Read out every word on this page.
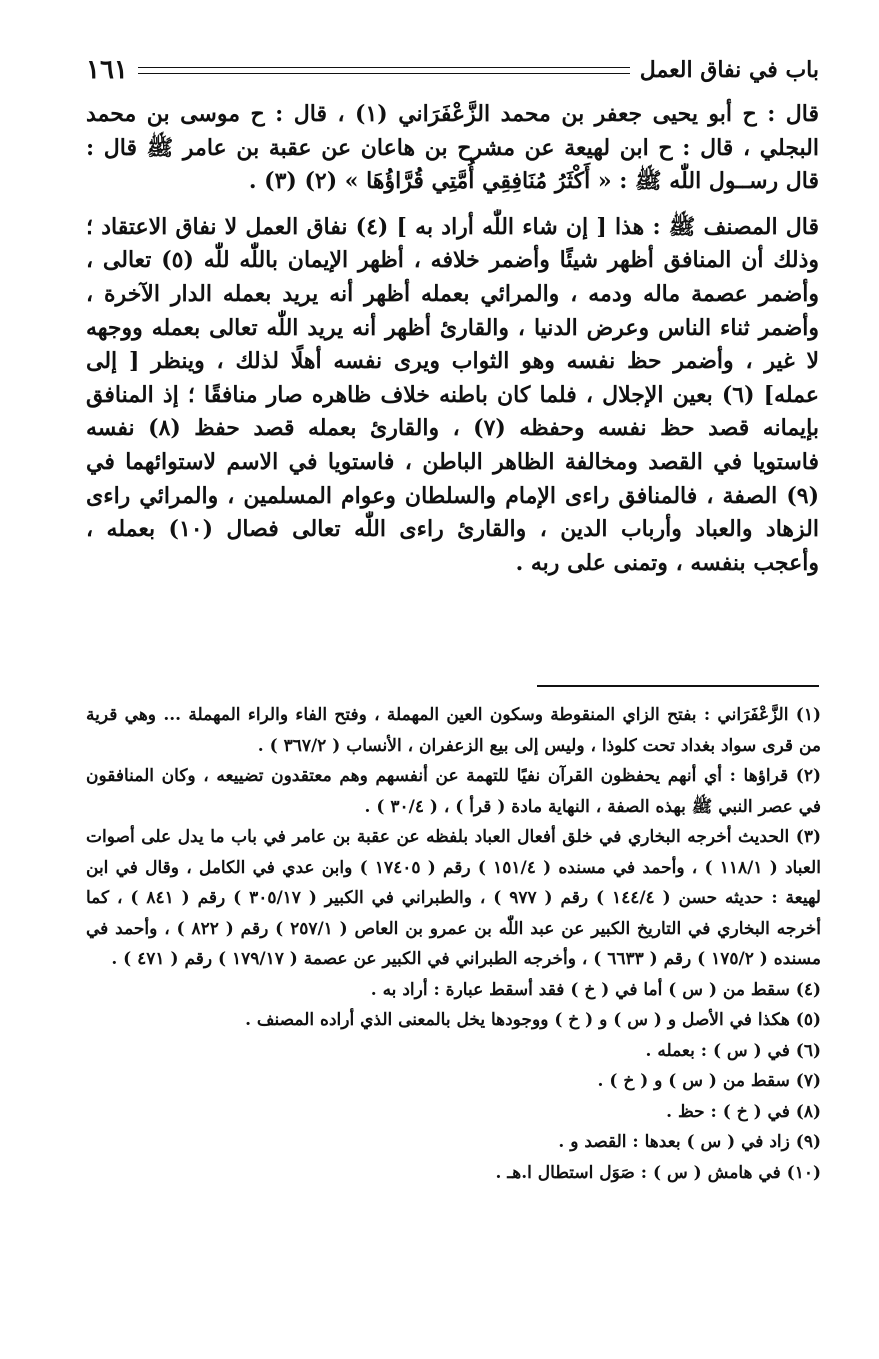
باب في نفاق العمل
١٦١

قال : ح أبو يحيى جعفر بن محمد الزَّعْفَرَاني (١) ، قال : ح موسى بن محمد البجلي ، قال : ح ابن لهيعة عن مشرح بن هاعان عن عقبة بن عامر ﷺ قال : قال رســول اللّٰه ﷺ : « أَكْثَرُ مُنَافِقِي أُمَّتِي قُرَّاؤُهَا » (٢) (٣) .

قال المصنف ﷺ : هذا [ إن شاء اللّٰه أراد به ] (٤) نفاق العمل لا نفاق الاعتقاد ؛ وذلك أن المنافق أظهر شيئًا وأضمر خلافه ، أظهر الإيمان باللّٰه للّٰه (٥) تعالى ، وأضمر عصمة ماله ودمه ، والمرائي بعمله أظهر أنه يريد بعمله الدار الآخرة ، وأضمر ثناء الناس وعرض الدنيا ، والقارئ أظهر أنه يريد اللّٰه تعالى بعمله ووجهه لا غير ، وأضمر حظ نفسه وهو الثواب ويرى نفسه أهلًا لذلك ، وينظر [ إلى عمله] (٦) بعين الإجلال ، فلما كان باطنه خلاف ظاهره صار منافقًا ؛ إذ المنافق بإيمانه قصد حظ نفسه وحفظه (٧) ، والقارئ بعمله قصد حفظ (٨) نفسه فاستويا في القصد ومخالفة الظاهر الباطن ، فاستويا في الاسم لاستوائهما في (٩) الصفة ، فالمنافق راءى الإمام والسلطان وعوام المسلمين ، والمرائي راءى الزهاد والعباد وأرباب الدين ، والقارئ راءى اللّٰه تعالى فصال (١٠) بعمله ، وأعجب بنفسه ، وتمنى على ربه .

(١) الزَّعْفَرَاني : بفتح الزاي المنقوطة وسكون العين المهملة ، وفتح الفاء والراء المهملة ... وهي قرية من قرى سواد بغداد تحت كلوذا ، وليس إلى بيع الزعفران ، الأنساب ( ٣٦٧/٢ ) .

(٢) قراؤها : أي أنهم يحفظون القرآن نفيًا للتهمة عن أنفسهم وهم معتقدون تضييعه ، وكان المنافقون في عصر النبي ﷺ بهذه الصفة ، النهاية مادة ( قرأ ) ، ( ٣٠/٤ ) .

(٣) الحديث أخرجه البخاري في خلق أفعال العباد بلفظه عن عقبة بن عامر في باب ما يدل على أصوات العباد ( ١١٨/١ ) ، وأحمد في مسنده ( ١٥١/٤ ) رقم ( ١٧٤٠٥ ) وابن عدي في الكامل ، وقال في ابن لهيعة : حديثه حسن ( ١٤٤/٤ ) رقم ( ٩٧٧ ) ، والطبراني في الكبير ( ٣٠٥/١٧ ) رقم ( ٨٤١ ) ، كما أخرجه البخاري في التاريخ الكبير عن عبد اللّٰه بن عمرو بن العاص ( ٢٥٧/١ ) رقم ( ٨٢٢ ) ، وأحمد في مسنده ( ١٧٥/٢ ) رقم ( ٦٦٣٣ ) ، وأخرجه الطبراني في الكبير عن عصمة ( ١٧٩/١٧ ) رقم ( ٤٧١ ) .

(٤) سقط من ( س ) أما في ( خ ) فقد أسقط عبارة : أراد به .

(٥) هكذا في الأصل و ( س ) و ( خ ) ووجودها يخل بالمعنى الذي أراده المصنف .

(٦) في ( س ) : بعمله .

(٧) سقط من ( س ) و ( خ ) .

(٨) في ( خ ) : حظ .

(٩) زاد في ( س ) بعدها : القصد و .

(١٠) في هامش ( س ) : صَوَل استطال ا.هـ .
